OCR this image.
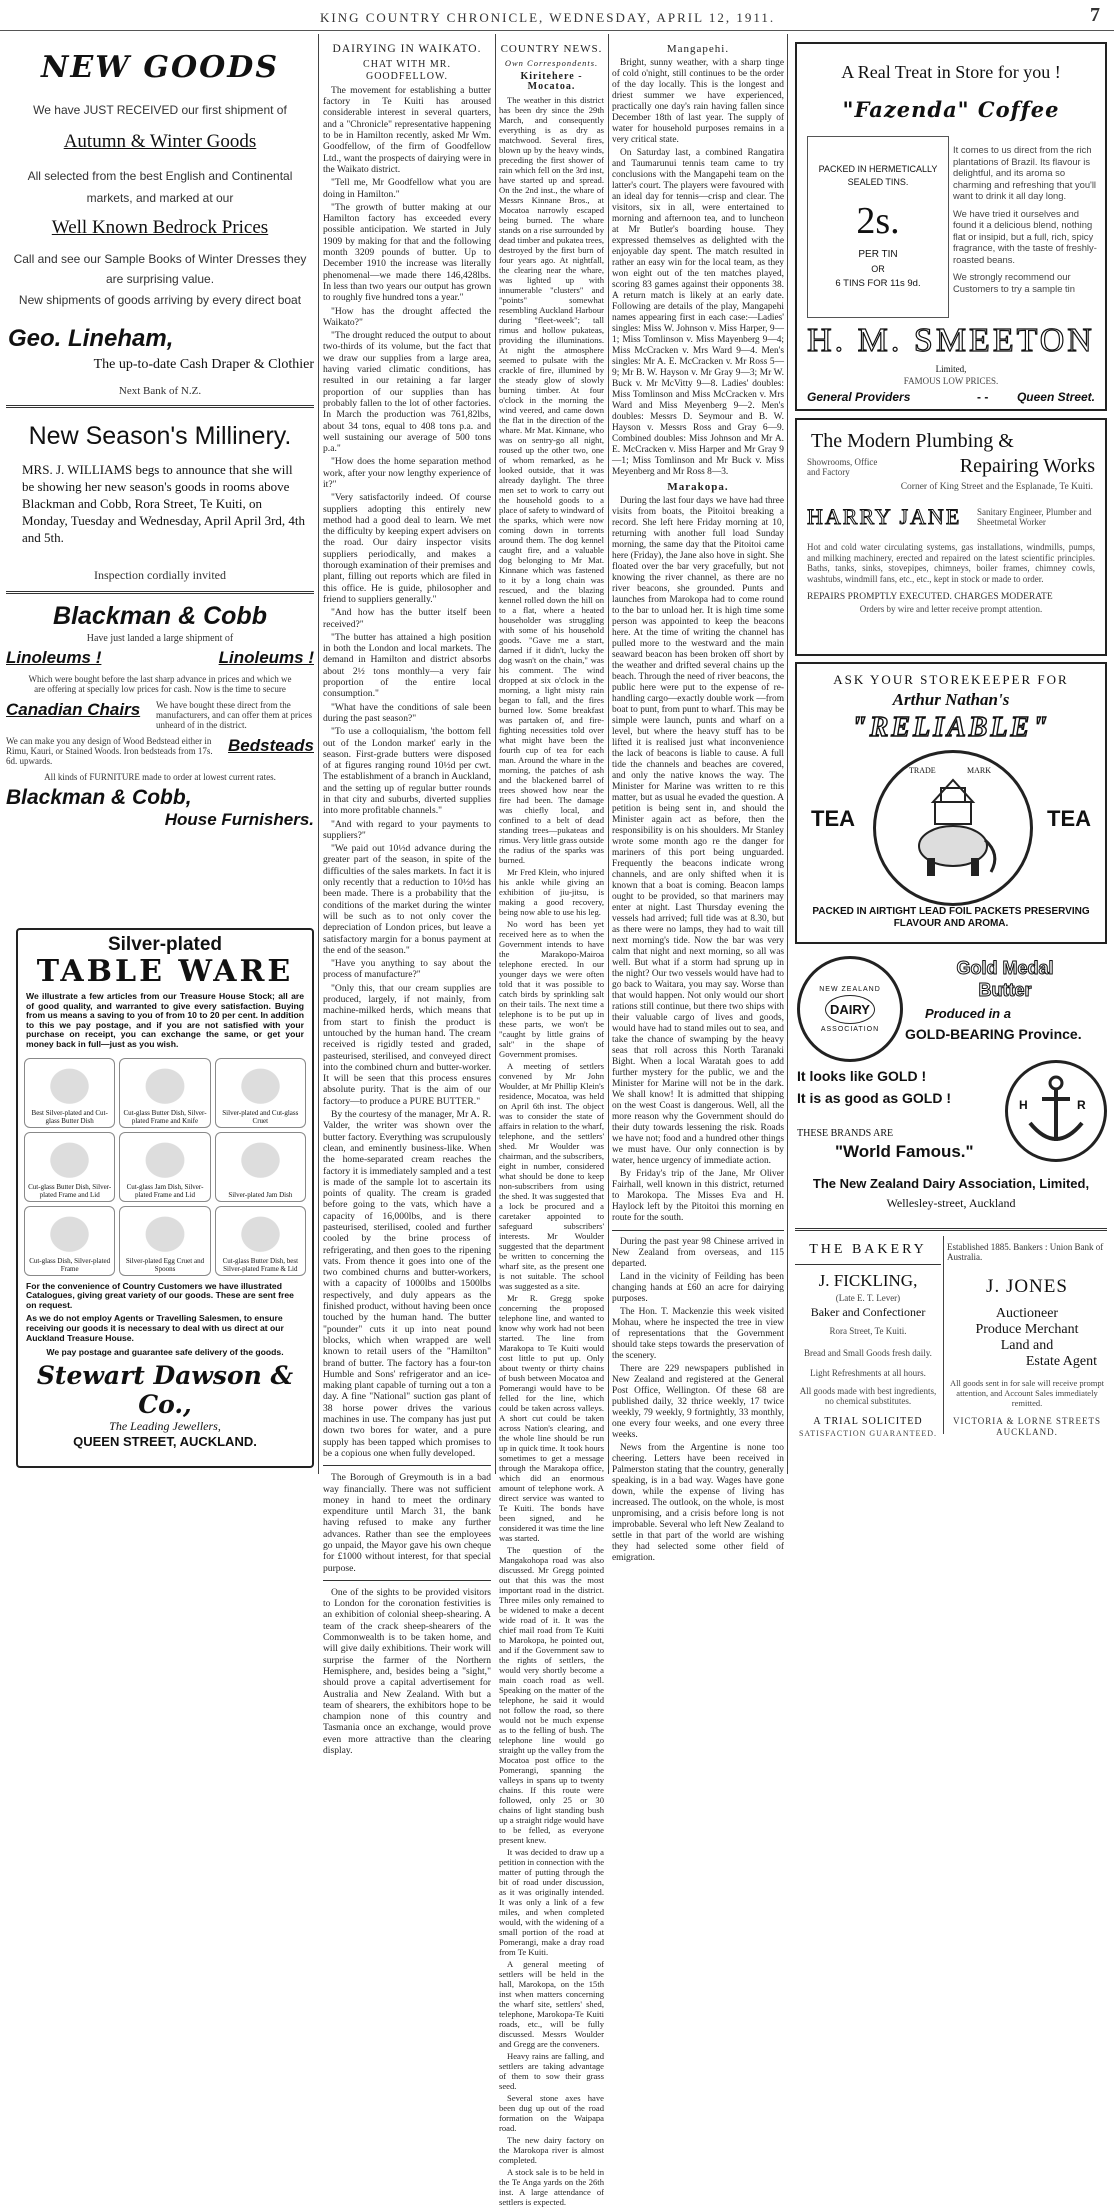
KING COUNTRY CHRONICLE, WEDNESDAY, APRIL 12, 1911.	7
NEW GOODS
We have JUST RECEIVED our first shipment of
Autumn & Winter Goods
All selected from the best English and Continental markets, and marked at our
Well Known Bedrock Prices
Call and see our Sample Books of Winter Dresses they are surprising value.
New shipments of goods arriving by every direct boat
Geo. Lineham,
The up-to-date Cash Draper & Clothier
Next Bank of N.Z.
New Season's Millinery.
MRS. J. WILLIAMS begs to announce that she will be showing her new season's goods in rooms above Blackman and Cobb, Rora Street, Te Kuiti, on Monday, Tuesday and Wednesday, April April 3rd, 4th and 5th.
Inspection cordially invited
Blackman & Cobb
Have just landed a large shipment of
Linoleums !	Linoleums !
Which were bought before the last sharp advance in prices and which we are offering at specially low prices for cash. Now is the time to secure
Canadian Chairs	We have bought these direct from the manufacturers, and can offer them at prices unheard of in the district.
We can make you any design of Wood Bedstead either in Rimu, Kauri, or Stained Woods. Iron bedsteads from 17s. 6d. upwards.
Bedsteads
All kinds of FURNITURE made to order at lowest current rates.
Blackman & Cobb,
House Furnishers.
Silver-plated
TABLE WARE
We illustrate a few articles from our Treasure House Stock; all are of good quality, and warranted to give every satisfaction. Buying from us means a saving to you of from 10 to 20 per cent. In addition to this we pay postage, and if you are not satisfied with your purchase on receipt, you can exchange the same, or get your money back in full—just as you wish.
Best Silver-plated and Cut-glass Butter Dish
Cut-glass Butter Dish, Silver-plated Frame and Knife
Silver-plated and Cut-glass Cruet
Cut-glass Butter Dish, Silver-plated Frame and Lid
Cut-glass Jam Dish, Silver-plated Frame and Lid	Silver-plated Jam Dish
Cut-glass Dish, Silver-plated Frame
Silver-plated Egg Cruet and Spoons
Cut-glass Butter Dish, best Silver-plated Frame & Lid
For the convenience of Country Customers we have illustrated Catalogues, giving great variety of our goods. These are sent free on request.
As we do not employ Agents or Travelling Salesmen, to ensure receiving our goods it is necessary to deal with us direct at our Auckland Treasure House.
We pay postage and guarantee safe delivery of the goods.
Stewart Dawson & Co.,
The Leading Jewellers,
QUEEN STREET, AUCKLAND.
DAIRYING IN WAIKATO.
CHAT WITH MR. GOODFELLOW.

The movement for establishing a butter factory in Te Kuiti has aroused considerable interest in several quarters, and a "Chronicle" representative happening to be in Hamilton recently, asked Mr Wm. Goodfellow, of the firm of Goodfellow Ltd., want the prospects of dairying were in the Waikato district.

"Tell me, Mr Goodfellow what you are doing in Hamilton."

"The growth of butter making at our Hamilton factory has exceeded every possible anticipation. We started in July 1909 by making for that and the following month 3209 pounds of butter. Up to December 1910 the increase was literally phenomenal—we made there 146,428lbs. In less than two years our output has grown to roughly five hundred tons a year."

"How has the drought affected the Waikato?"

"The drought reduced the output to about two-thirds of its volume, but the fact that we draw our supplies from a large area, having varied climatic conditions, has resulted in our retaining a far larger proportion of our supplies than has probably fallen to the lot of other factories. In March the production was 761,82lbs, about 34 tons, equal to 408 tons p.a. and well sustaining our average of 500 tons p.a."

"How does the home separation method work, after your now lengthy experience of it?"

"Very satisfactorily indeed. Of course suppliers adopting this entirely new method had a good deal to learn. We met the difficulty by keeping expert advisers on the road. Our dairy inspector visits suppliers periodically, and makes a thorough examination of their premises and plant, filling out reports which are filed in this office. He is guide, philosopher and friend to suppliers generally."

"And how has the butter itself been received?"

"The butter has attained a high position in both the London and local markets. The demand in Hamilton and district absorbs about 2½ tons monthly—a very fair proportion of the entire local consumption."

"What have the conditions of sale been during the past season?"

"To use a colloquialism, 'the bottom fell out of the London market' early in the season. First-grade butters were disposed of at figures ranging round 10½d per cwt. The establishment of a branch in Auckland, and the setting up of regular butter rounds in that city and suburbs, diverted supplies into more profitable channels."

"And with regard to your payments to suppliers?"

"We paid out 10½d advance during the greater part of the season, in spite of the difficulties of the sales markets. In fact it is only recently that a reduction to 10½d has been made. There is a probability that the conditions of the market during the winter will be such as to not only cover the depreciation of London prices, but leave a satisfactory margin for a bonus payment at the end of the season."

"Have you anything to say about the process of manufacture?"

"Only this, that our cream supplies are produced, largely, if not mainly, from machine-milked herds, which means that from start to finish the product is untouched by the human hand. The cream received is rigidly tested and graded, pasteurised, sterilised, and conveyed direct into the combined churn and butter-worker. It will be seen that this process ensures absolute purity. That is the aim of our factory—to produce a PURE BUTTER."

By the courtesy of the manager, Mr A. R. Valder, the writer was shown over the butter factory. Everything was scrupulously clean, and eminently business-like. When the home-separated cream reaches the factory it is immediately sampled and a test is made of the sample lot to ascertain its points of quality. The cream is graded before going to the vats, which have a capacity of 16,000lbs, and is there pasteurised, sterilised, cooled and further cooled by the brine process of refrigerating, and then goes to the ripening vats. From thence it goes into one of the two combined churns and butter-workers, with a capacity of 1000lbs and 1500lbs respectively, and duly appears as the finished product, without having been once touched by the human hand. The butter "pounder" cuts it up into neat pound blocks, which when wrapped are well known to retail users of the "Hamilton" brand of butter. The factory has a four-ton Humble and Sons' refrigerator and an ice-making plant capable of turning out a ton a day. A fine "National" suction gas plant of 38 horse power drives the various machines in use. The company has just put down two bores for water, and a pure supply has been tapped which promises to be a copious one when fully developed.

The Borough of Greymouth is in a bad way financially. There was not sufficient money in hand to meet the ordinary expenditure until March 31, the bank having refused to make any further advances. Rather than see the employees go unpaid, the Mayor gave his own cheque for £1000 without interest, for that special purpose.

One of the sights to be provided visitors to London for the coronation festivities is an exhibition of colonial sheep-shearing. A team of the crack sheep-shearers of the Commonwealth is to be taken home, and will give daily exhibitions. Their work will surprise the farmer of the Northern Hemisphere, and, besides being a "sight," should prove a capital advertisement for Australia and New Zealand. With but a team of shearers, the exhibitors hope to be champion none of this country and Tasmania once an exchange, would prove even more attractive than the clearing display.

COUNTRY NEWS.
Own Correspondents.
Kiritehere - Mocatoa.

The weather in this district has been dry since the 29th March, and consequently everything is as dry as matchwood. Several fires, blown up by the heavy winds, preceding the first shower of rain which fell on the 3rd inst, have started up and spread. On the 2nd inst., the whare of Messrs Kinnane Bros., at Mocatoa narrowly escaped being burned. The whare stands on a rise surrounded by dead timber and pukatea trees, destroyed by the first burn of four years ago. At nightfall, the clearing near the whare, was lighted up with innumerable "clusters" and "points" somewhat resembling Auckland Harbour during "fleet-week"; tall rimus and hollow pukateas, providing the illuminations. At night the atmosphere seemed to pulsate with the crackle of fire, illumined by the steady glow of slowly burning timber. At four o'clock in the morning the wind veered, and came down the flat in the direction of the whare. Mr Mat. Kinnane, who was on sentry-go all night, roused up the other two, one of whom remarked, as he looked outside, that it was already daylight. The three men set to work to carry out the household goods to a place of safety to windward of the sparks, which were now coming down in torrents around them. The dog kennel caught fire, and a valuable dog belonging to Mr Mat. Kinnane which was fastened to it by a long chain was rescued, and the blazing kennel rolled down the hill on to a flat, where a heated householder was struggling with some of his household goods. "Gave me a start, darned if it didn't, lucky the dog wasn't on the chain," was his comment. The wind dropped at six o'clock in the morning, a light misty rain began to fall, and the fires burned low. Some breakfast was partaken of, and fire-fighting necessities told over what might have been the fourth cup of tea for each man. Around the whare in the morning, the patches of ash and the blackened barrel of trees showed how near the fire had been. The damage was chiefly local, and confined to a belt of dead standing trees—pukateas and rimus. Very little grass outside the radius of the sparks was burned.

Mr Fred Klein, who injured his ankle while giving an exhibition of jiu-jitsu, is making a good recovery, being now able to use his leg.

No word has been yet received here as to when the Government intends to have the Marakopo-Mairoa telephone erected. In our younger days we were often told that it was possible to catch birds by sprinkling salt on their tails. The next time a telephone is to be put up in these parts, we won't be "caught by little grains of salt" in the shape of Government promises.

A meeting of settlers convened by Mr John Woulder, at Mr Phillip Klein's residence, Mocatoa, was held on April 6th inst. The object was to consider the state of affairs in relation to the wharf, telephone, and the settlers' shed. Mr Woulder was chairman, and the subscribers, eight in number, considered what should be done to keep non-subscribers from using the shed. It was suggested that a lock be procured and a caretaker appointed to safeguard subscribers' interests. Mr Woulder suggested that the department be written to concerning the wharf site, as the present one is not suitable. The school was suggested as a site.

Mr R. Gregg spoke concerning the proposed telephone line, and wanted to know why work had not been started. The line from Marakopa to Te Kuiti would cost little to put up. Only about twenty or thirty chains of bush between Mocatoa and Pomerangi would have to be felled for the line, which could be taken across valleys. A short cut could be taken across Nation's clearing, and the whole line should be run up in quick time. It took hours sometimes to get a message through the Marakopa office, which did an enormous amount of telephone work. A direct service was wanted to Te Kuiti. The bonds have been signed, and he considered it was time the line was started.

The question of the Mangakohopa road was also discussed. Mr Gregg pointed out that this was the most important road in the district. Three miles only remained to be widened to make a decent wide road of it. It was the chief mail road from Te Kuiti to Marokopa, he pointed out, and if the Government saw to the rights of settlers, the would very shortly become a main coach road as well. Speaking on the matter of the telephone, he said it would not follow the road, so there would not be much expense as to the felling of bush. The telephone line would go straight up the valley from the Mocatoa post office to the Pomerangi, spanning the valleys in spans up to twenty chains. If this route were followed, only 25 or 30 chains of light standing bush up a straight ridge would have to be felled, as everyone present knew.

It was decided to draw up a petition in connection with the matter of putting through the bit of road under discussion, as it was originally intended. It was only a link of a few miles, and when completed would, with the widening of a small portion of the road at Pomerangi, make a dray road from Te Kuiti.

A general meeting of settlers will be held in the hall, Marokopa, on the 15th inst when matters concerning the wharf site, settlers' shed, telephone, Marokopa-Te Kuiti roads, etc., will be fully discussed. Messrs Woulder and Gregg are the conveners.

Heavy rains are falling, and settlers are taking advantage of them to sow their grass seed.

Several stone axes have been dug up out of the road formation on the Waipapa road.

The new dairy factory on the Marokopa river is almost completed.

A stock sale is to be held in the Te Anga yards on the 26th inst. A large attendance of settlers is expected.

Mangapehi.

Bright, sunny weather, with a sharp tinge of cold o'night, still continues to be the order of the day locally. This is the longest and driest summer we have experienced, practically one day's rain having fallen since December 18th of last year. The supply of water for household purposes remains in a very critical state.

On Saturday last, a combined Rangatira and Taumarunui tennis team came to try conclusions with the Mangapehi team on the latter's court. The players were favoured with an ideal day for tennis—crisp and clear. The visitors, six in all, were entertained to morning and afternoon tea, and to luncheon at Mr Butler's boarding house. They expressed themselves as delighted with the enjoyable day spent. The match resulted in rather an easy win for the local team, as they won eight out of the ten matches played, scoring 83 games against their opponents 38. A return match is likely at an early date. Following are details of the play, Mangapehi names appearing first in each case:—Ladies' singles: Miss W. Johnson v. Miss Harper, 9—1; Miss Tomlinson v. Miss Mayenberg 9—4; Miss McCracken v. Mrs Ward 9—4. Men's singles: Mr A. E. McCracken v. Mr Ross 5—9; Mr B. W. Hayson v. Mr Gray 9—3; Mr W. Buck v. Mr McVitty 9—8. Ladies' doubles: Miss Tomlinson and Miss McCracken v. Mrs Ward and Miss Meyenberg 9—2. Men's doubles: Messrs D. Seymour and B. W. Hayson v. Messrs Ross and Gray 6—9. Combined doubles: Miss Johnson and Mr A. E. McCracken v. Miss Harper and Mr Gray 9—1; Miss Tomlinson and Mr Buck v. Miss Meyenberg and Mr Ross 8—3.

Marakopa.

During the last four days we have had three visits from boats, the Pitoitoi breaking a record. She left here Friday morning at 10, returning with another full load Sunday morning, the same day that the Pitoitoi came here (Friday), the Jane also hove in sight. She floated over the bar very gracefully, but not knowing the river channel, as there are no river beacons, she grounded. Punts and launches from Marokopa had to come round to the bar to unload her. It is high time some person was appointed to keep the beacons here. At the time of writing the channel has pulled more to the westward and the main seaward beacon has been broken off short by the weather and drifted several chains up the beach. Through the need of river beacons, the public here were put to the expense of re-handling cargo—exactly double work —from boat to punt, from punt to wharf. This may be simple were launch, punts and wharf on a level, but where the heavy stuff has to be lifted it is realised just what inconvenience the lack of beacons is liable to cause. A full tide the channels and beaches are covered, and only the native knows the way. The Minister for Marine was written to re this matter, but as usual he evaded the question. A petition is being sent in, and should the Minister again act as before, then the responsibility is on his shoulders. Mr Stanley wrote some month ago re the danger for mariners of this port being unguarded. Frequently the beacons indicate wrong channels, and are only shifted when it is known that a boat is coming. Beacon lamps ought to be provided, so that mariners may enter at night. Last Thursday evening the vessels had arrived; full tide was at 8.30, but as there were no lamps, they had to wait till next morning's tide. Now the bar was very calm that night and next morning, so all was well. But what if a storm had sprung up in the night? Our two vessels would have had to go back to Waitara, you may say. Worse than that would happen. Not only would our short rations still continue, but there two ships with their valuable cargo of lives and goods, would have had to stand miles out to sea, and take the chance of swamping by the heavy seas that roll across this North Taranaki Bight. When a local Waratah goes to add further mystery for the public, we and the Minister for Marine will not be in the dark. We shall know! It is admitted that shipping on the west Coast is dangerous. Well, all the more reason why the Government should do their duty towards lessening the risk. Roads we have not; food and a hundred other things we must have. Our only connection is by water, hence urgency of immediate action.

By Friday's trip of the Jane, Mr Oliver Fairhall, well known in this district, returned to Marokopa. The Misses Eva and H. Haylock left by the Pitoitoi this morning en route for the south.

During the past year 98 Chinese arrived in New Zealand from overseas, and 115 departed.

Land in the vicinity of Feilding has been changing hands at £60 an acre for dairying purposes.

The Hon. T. Mackenzie this week visited Mohau, where he inspected the tree in view of representations that the Government should take steps towards the preservation of the scenery.

There are 229 newspapers published in New Zealand and registered at the General Post Office, Wellington. Of these 68 are published daily, 32 thrice weekly, 17 twice weekly, 79 weekly, 9 fortnightly, 33 monthly, one every four weeks, and one every three weeks.

News from the Argentine is none too cheering. Letters have been received in Palmerston stating that the country, generally speaking, is in a bad way. Wages have gone down, while the expense of living has increased. The outlook, on the whole, is most unpromising, and a crisis before long is not improbable. Several who left New Zealand to settle in that part of the world are wishing they had selected some other field of emigration.

A Real Treat in Store for you !
"Fazenda" Coffee
PACKED IN HERMETICALLY SEALED TINS.
2s.
PER TIN
OR
6 TINS FOR 11s 9d.
It comes to us direct from the rich plantations of Brazil. Its flavour is delightful, and its aroma so charming and refreshing that you'll want to drink it all day long.
We have tried it ourselves and found it a delicious blend, nothing flat or insipid, but a full, rich, spicy fragrance, with the taste of freshly-roasted beans.
We strongly recommend our Customers to try a sample tin
H. M. SMEETON
Limited,
FAMOUS LOW PRICES.
General Providers	- - Queen Street.
The Modern Plumbing &
Showrooms, Office and Factory	Repairing Works
Corner of King Street and the Esplanade, Te Kuiti.
HARRY JANE	Sanitary Engineer, Plumber and Sheetmetal Worker
Hot and cold water circulating systems, gas installations, windmills, pumps, and milking machinery, erected and repaired on the latest scientific principles. Baths, tanks, sinks, stovepipes, chimneys, boiler frames, chimney cowls, washtubs, windmill fans, etc., etc., kept in stock or made to order.
REPAIRS PROMPTLY EXECUTED. CHARGES MODERATE
Orders by wire and letter receive prompt attention.
ASK YOUR STOREKEEPER FOR
Arthur Nathan's
"RELIABLE"
TEA	TEA
TRADE	MARK
PACKED IN AIRTIGHT LEAD FOIL PACKETS PRESERVING FLAVOUR AND AROMA.
NEW ZEALAND
DAIRY
ASSOCIATION
Gold Medal
Butter
Produced in a
GOLD-BEARING Province.
It looks like GOLD !
It is as good as GOLD !	H	R
THESE BRANDS ARE
"World Famous."
The New Zealand Dairy Association, Limited,
Wellesley-street, Auckland
THE BAKERY
J. FICKLING,
(Late E. T. Lever)
Baker and Confectioner
Rora Street, Te Kuiti.
Bread and Small Goods fresh daily.
Light Refreshments at all hours.
All goods made with best ingredients, no chemical substitutes.
A TRIAL SOLICITED
SATISFACTION GUARANTEED.
Established 1885. Bankers : Union Bank of Australia.
J. JONES
Auctioneer
Produce Merchant
Land and
Estate Agent
All goods sent in for sale will receive prompt attention, and Account Sales immediately remitted.
VICTORIA & LORNE STREETS AUCKLAND.
